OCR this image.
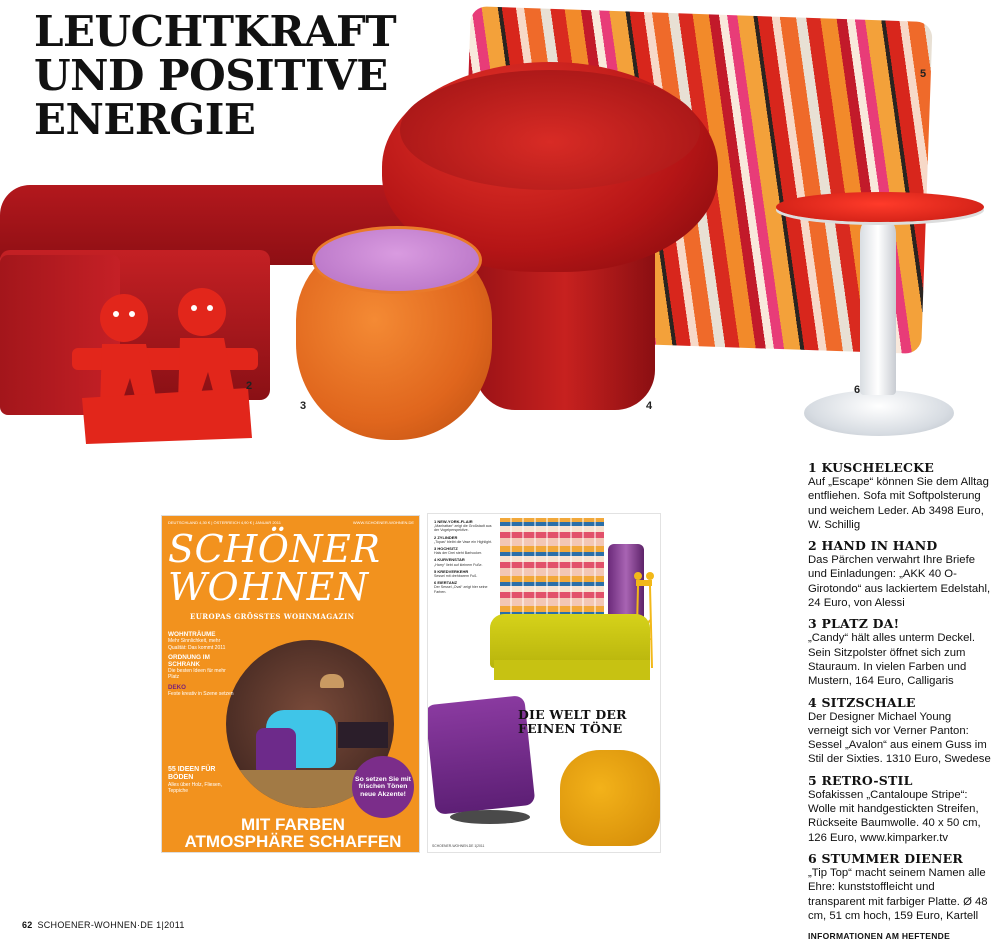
LEUCHTKRAFT
UND POSITIVE
ENERGIE
5
4
3
2	6
1 KUSCHELECKE
Auf „Escape“ können Sie dem Alltag entfliehen. Sofa mit Softpolsterung und weichem Leder. Ab 3498 Euro, W. Schillig
2 HAND IN HAND
Das Pärchen verwahrt Ihre Briefe und Einladungen: „AKK 40 O-Girotondo“ aus lackiertem Edelstahl, 24 Euro, von Alessi
3 PLATZ DA!
„Candy“ hält alles unterm Deckel. Sein Sitzpolster öffnet sich zum Stauraum. In vielen Farben und Mustern, 164 Euro, Calligaris
4 SITZSCHALE
Der Designer Michael Young verneigt sich vor Verner Panton: Sessel „Avalon“ aus einem Guss im Stil der Sixties. 1310 Euro, Swedese
5 RETRO-STIL
Sofakissen „Cantaloupe Stripe“: Wolle mit handgestickten Streifen, Rückseite Baumwolle. 40 x 50 cm, 126 Euro, www.kimparker.tv
6 STUMMER DIENER
„Tip Top“ macht seinem Namen alle Ehre: kunststoffleicht und transparent mit farbiger Platte. Ø 48 cm, 51 cm hoch, 159 Euro, Kartell
INFORMATIONEN AM HEFTENDE
DEUTSCHLAND 4,30 € | ÖSTERREICH 4,90 € | JANUAR 2011	WWW.SCHOENER-WOHNEN.DE
SCHÖNER
WOHNEN
EUROPAS GRÖSSTES WOHNMAGAZIN
WOHNTRÄUME
Mehr Sinnlichkeit, mehr Qualität: Das kommt 2011
ORDNUNG IM SCHRANK
Die besten Ideen für mehr Platz
DEKO
Feste kreativ in Szene setzen
55 IDEEN FÜR BÖDEN
Alles über Holz, Fliesen, Teppiche
So setzen Sie mit frischen Tönen neue Akzente!
MIT FARBEN
ATMOSPHÄRE SCHAFFEN
1 NEW-YORK-FLAIR
„Manhattan“ zeigt die Großstadt aus der Vogelperspektive.
2 ZYLINDER
„Topas“ bleibt die Vase ein Highlight.
3 HOCHSITZ
Hals der Drei steht Barhocker.
4 KURVENSTAR
„Harry“ liebt auf kleinem Fuße.
5 KREDVERKEHR
Sessel mit drehbarem Fuß.
6 EIERTANZ
Der Sessel „Oval“ zeigt hier seine Farben.
DIE WELT DER
FEINEN TÖNE
SCHOENER-WOHNEN.DE 1|2011
62 SCHOENER-WOHNEN·DE 1|2011
